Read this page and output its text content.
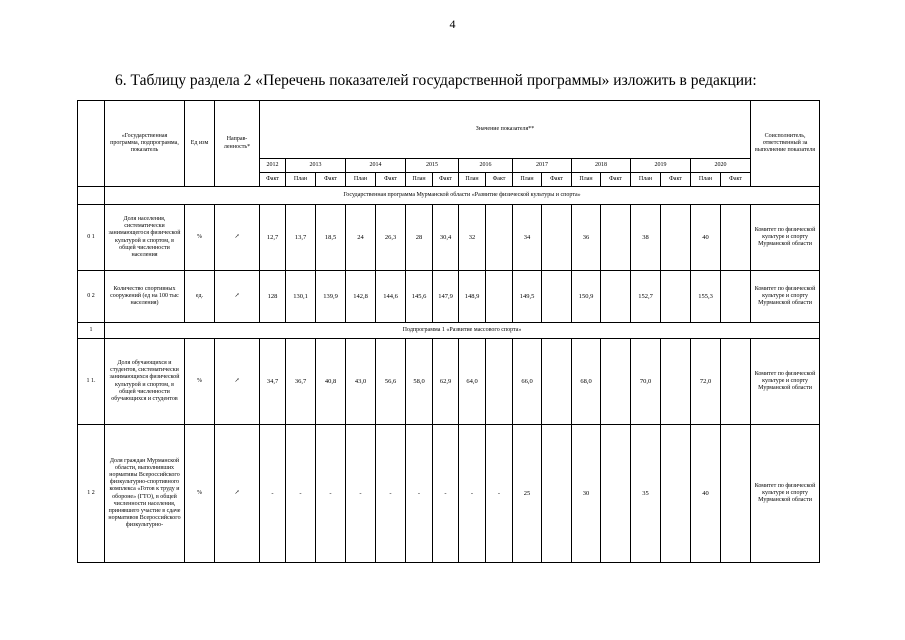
4
6. Таблицу раздела 2 «Перечень показателей государственной программы» изложить в редакции:
	«Государственная программа, подпрограмма, показатель	Ед изм	Направ-ленность*	Значение показателя**																	Соисполнитель, ответственный за выполнение показателя
				2012	2013		2014		2015		2016		2017		2018		2019		2020		
				Факт	План	Факт	План	Факт	План	Факт	План	Факт	План	Факт	План	Факт	План	Факт	План	Факт	
	Государственная программа Мурманской области «Развитие физической культуры и спорта»																				
0 1	Доля населения, систематически занимающегося физической культурой и спортом, в общей численности населения	%	↗	12,7	13,7	18,5	24	26,3	28	30,4	32		34		36		38		40		Комитет по физической культуре и спорту Мурманской области
0 2	Количество спортивных сооружений (ед на 100 тыс населения)	ед.	↗	128	130,1	139,9	142,8	144,6	145,6	147,9	148,9		149,5		150,9		152,7		155,3		Комитет по физической культуре и спорту Мурманской области
1	Подпрограмма 1 «Развитие массового спорта»																				
1 1.	Доля обучающихся и студентов, систематически занимающихся физической культурой и спортом, в общей численности обучающихся и студентов	%	↗	34,7	36,7	40,8	43,0	56,6	58,0	62,9	64,0		66,0		68,0		70,0		72,0		Комитет по физической культуре и спорту Мурманской области
1 2	Доля граждан Мурманской области, выполнивших нормативы Всероссийского физкультурно-спортивного комплекса «Готов к труду и обороне» (ГТО), в общей численности населения, принявшего участие в сдаче нормативов Всероссийского физкультурно-	%	↗	-	-	-	-	-	-	-	-	-	25		30		35		40		Комитет по физической культуре и спорту Мурманской области
